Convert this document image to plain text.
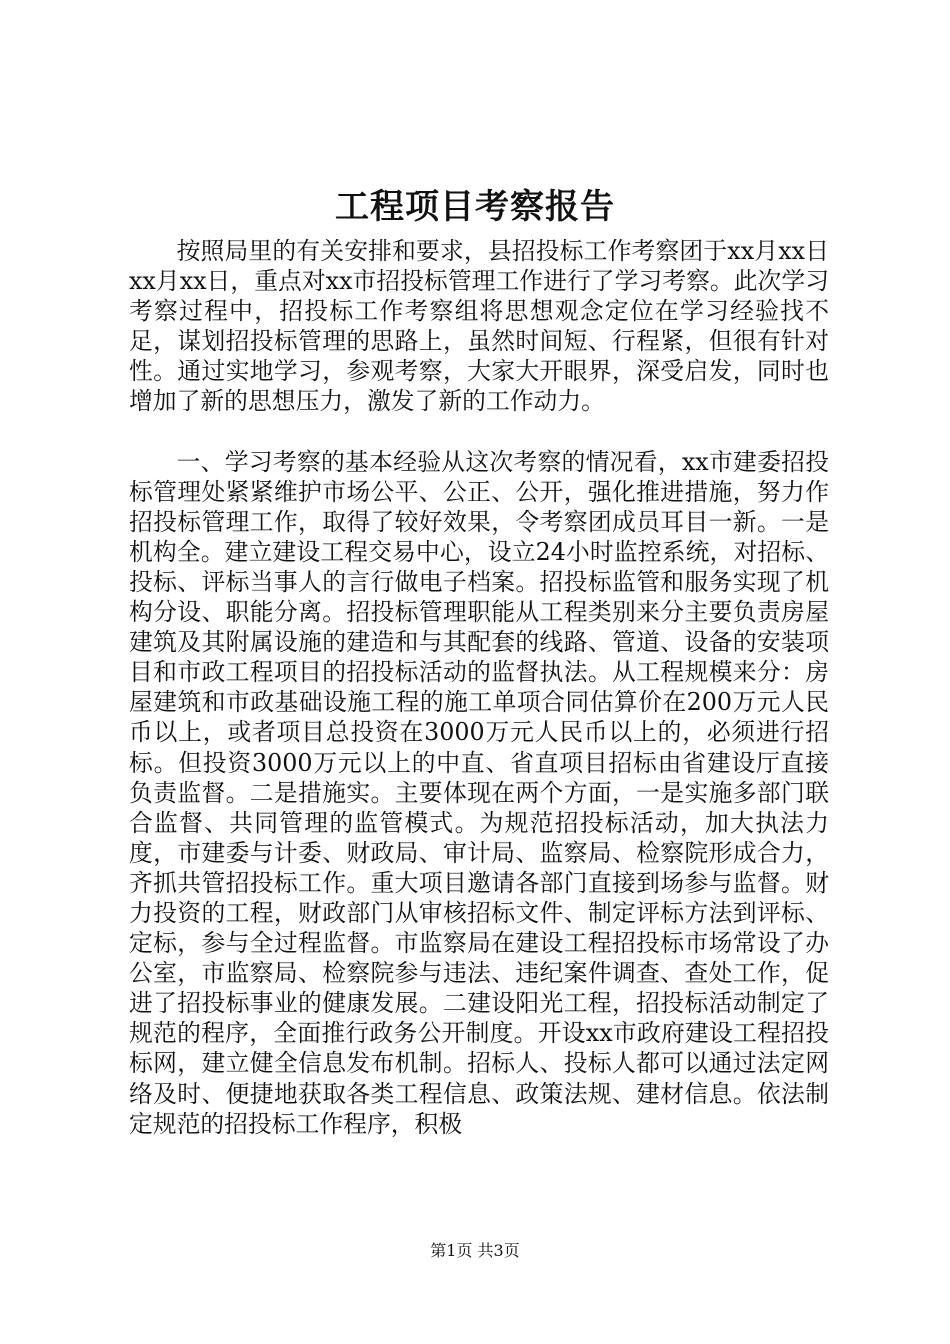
工程项目考察报告

按照局里的有关安排和要求，县招投标工作考察团于xx月xx日xx月xx日，重点对xx市招投标管理工作进行了学习考察。此次学习考察过程中，招投标工作考察组将思想观念定位在学习经验找不足，谋划招投标管理的思路上，虽然时间短、行程紧，但很有针对性。通过实地学习，参观考察，大家大开眼界，深受启发，同时也增加了新的思想压力，激发了新的工作动力。

一、学习考察的基本经验从这次考察的情况看，xx市建委招投标管理处紧紧维护市场公平、公正、公开，强化推进措施，努力作招投标管理工作，取得了较好效果，令考察团成员耳目一新。一是机构全。建立建设工程交易中心，设立24小时监控系统，对招标、投标、评标当事人的言行做电子档案。招投标监管和服务实现了机构分设、职能分离。招投标管理职能从工程类别来分主要负责房屋建筑及其附属设施的建造和与其配套的线路、管道、设备的安装项目和市政工程项目的招投标活动的监督执法。从工程规模来分：房屋建筑和市政基础设施工程的施工单项合同估算价在200万元人民币以上，或者项目总投资在3000万元人民币以上的，必须进行招标。但投资3000万元以上的中直、省直项目招标由省建设厅直接负责监督。二是措施实。主要体现在两个方面，一是实施多部门联合监督、共同管理的监管模式。为规范招投标活动，加大执法力度，市建委与计委、财政局、审计局、监察局、检察院形成合力，齐抓共管招投标工作。重大项目邀请各部门直接到场参与监督。财力投资的工程，财政部门从审核招标文件、制定评标方法到评标、定标，参与全过程监督。市监察局在建设工程招投标市场常设了办公室，市监察局、检察院参与违法、违纪案件调查、查处工作，促进了招投标事业的健康发展。二建设阳光工程，招投标活动制定了规范的程序，全面推行政务公开制度。开设xx市政府建设工程招投标网，建立健全信息发布机制。招标人、投标人都可以通过法定网络及时、便捷地获取各类工程信息、政策法规、建材信息。依法制定规范的招投标工作程序，积极

第1页 共3页
